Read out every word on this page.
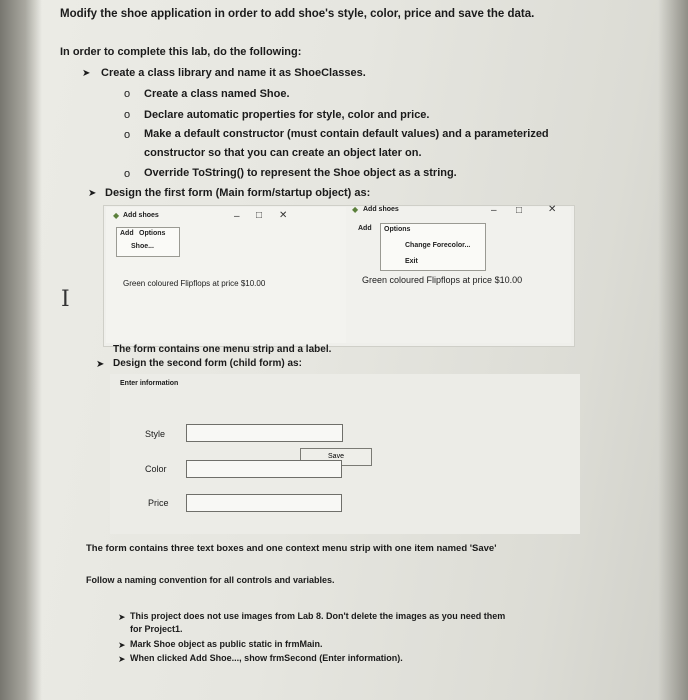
Modify the shoe application in order to add shoe's style, color, price and save the data.
In order to complete this lab, do the following:
➤ Create a class library and name it as ShoeClasses.
o Create a class named Shoe.
o Declare automatic properties for style, color and price.
o Make a default constructor (must contain default values) and a parameterized
constructor so that you can create an object later on.
o Override ToString() to represent the Shoe object as a string.
➤ Design the first form (Main form/startup object) as:
◆ Add shoes	– □ ✕
Add Options
Shoe...
Green coloured Flipflops at price $10.00
◆ Add shoes	– □	✕
Add Options
Change Forecolor...
Exit
Green coloured Flipflops at price $10.00
I
The form contains one menu strip and a label.
➤ Design the second form (child form) as:
Enter information
Style
Save
Color
Price
The form contains three text boxes and one context menu strip with one item named 'Save'
Follow a naming convention for all controls and variables.
➤ This project does not use images from Lab 8. Don't delete the images as you need them
for Project1.
➤ Mark Shoe object as public static in frmMain.
➤ When clicked Add Shoe..., show frmSecond (Enter information).
